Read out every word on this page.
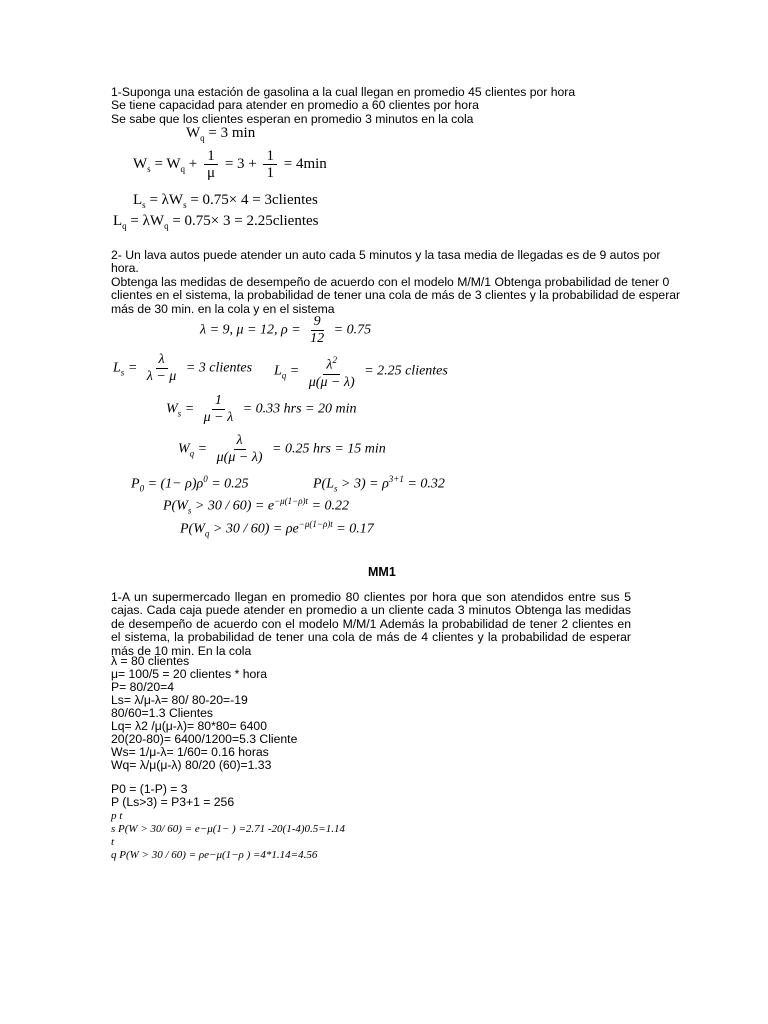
1-Suponga una estación de gasolina a la cual llegan en promedio 45 clientes por hora
Se tiene capacidad para atender en promedio a 60 clientes por hora
Se sabe que los clientes esperan en promedio 3 minutos en la cola
$W_q = 3$ min
$W_s = W_q + \frac{1}{\mu} = 3 + \frac{1}{1} = 4\min$
$L_s = \lambda W_s = 0.75\times 4$ = 3clientes
$L_q = \lambda W_q = 0.75\times 3$ = 2.25clientes
2- Un lava autos puede atender un auto cada 5 minutos y la tasa media de llegadas es de 9 autos por
hora.
Obtenga las medidas de desempeño de acuerdo con el modelo M/M/1 Obtenga probabilidad de tener 0
clientes en el sistema, la probabilidad de tener una cola de más de 3 clientes y la probabilidad de esperar
más de 30 min. en la cola y en el sistema
λ = 9, μ = 12, $\rho = \frac{9}{12} = 0.75$
$L_s = \frac{\lambda}{\lambda - \mu} = 3$ clientes $L_q = \frac{\lambda^2}{\mu(\mu - \lambda)} = 2.25$ clientes
$W_s = \frac{1}{\mu - \lambda} = 0.33$ hrs = 20 min
$W_q = \frac{\lambda}{\mu(\mu - \lambda)} = 0.25$ hrs = 15 min
$P_0 = (1- \rho)\rho^0 = 0.25$	$P(L_s > 3) = \rho^{3+1} = 0.32$
$P(W_s > 30 / 60) = e^{-\mu(1-\rho)t} = 0.22$
$P(W_q > 30 / 60) = \rho e^{-\mu(1-\rho)t} = 0.17$
MM1

1-A un supermercado llegan en promedio 80 clientes por hora que son atendidos entre sus 5 cajas. Cada caja puede atender en promedio a un cliente cada 3 minutos Obtenga las medidas de desempeño de acuerdo con el modelo M/M/1 Además la probabilidad de tener 2 clientes en el sistema, la probabilidad de tener una cola de más de 4 clientes y la probabilidad de esperar más de 10 min. En la cola

λ = 80 clientes
μ= 100/5 = 20 clientes * hora
P= 80/20=4
Ls= λ/μ-λ= 80/ 80-20=-19
80/60=1.3 Clientes
Lq= λ2 /μ(μ-λ)= 80*80= 6400
20(20-80)= 6400/1200=5.3 Cliente
Ws= 1/μ-λ= 1/60= 0.16 horas
Wq= λ/μ(μ-λ) 80/20 (60)=1.33
P0 = (1-P) = 3
P (Ls>3) = P3+1 = 256
p t
s P(W > 30/ 60) = e−μ(1− ) =2.71 -20(1-4)0.5=1.14
t
q P(W > 30 / 60) = ρe−μ(1−ρ ) =4*1.14=4.56
